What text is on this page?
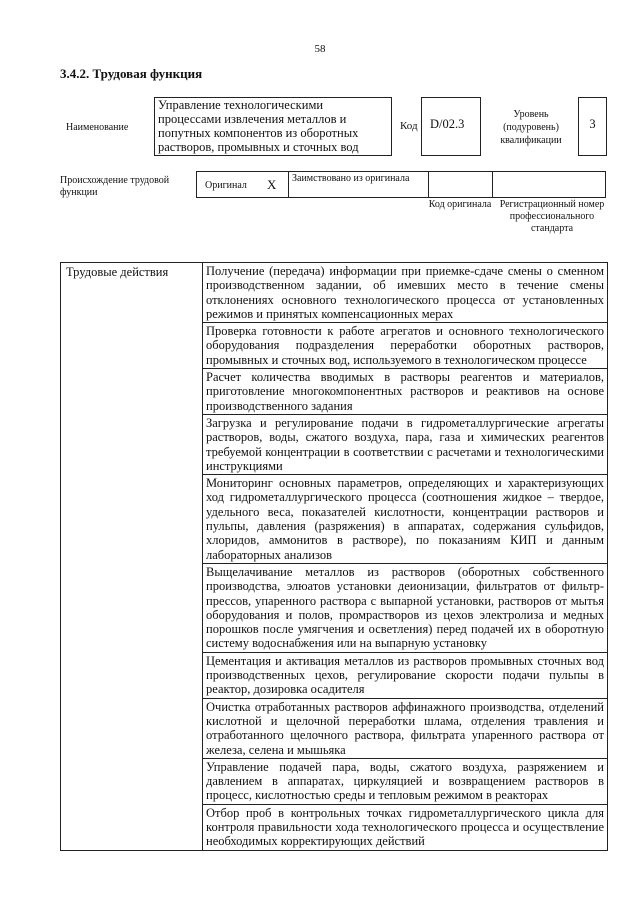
58
3.4.2. Трудовая функция
Наименование
Управление технологическими процессами извлечения металлов и попутных компонентов из оборотных растворов, промывных и сточных вод
Код D/02.3
Уровень (подуровень) квалификации
3
Происхождение трудовой функции
Оригинал X Заимствовано из оригинала
Код оригинала Регистрационный номер профессионального стандарта
Трудовые действия	Получение (передача) информации при приемке-сдаче смены о сменном производственном задании, об имевших место в течение смены отклонениях основного технологического процесса от установленных режимов и принятых компенсационных мерах
Проверка готовности к работе агрегатов и основного технологического оборудования подразделения переработки оборотных растворов, промывных и сточных вод, используемого в технологическом процессе
Расчет количества вводимых в растворы реагентов и материалов, приготовление многокомпонентных растворов и реактивов на основе производственного задания
Загрузка и регулирование подачи в гидрометаллургические агрегаты растворов, воды, сжатого воздуха, пара, газа и химических реагентов требуемой концентрации в соответствии с расчетами и технологическими инструкциями
Мониторинг основных параметров, определяющих и характеризующих ход гидрометаллургического процесса (соотношения жидкое – твердое, удельного веса, показателей кислотности, концентрации растворов и пульпы, давления (разряжения) в аппаратах, содержания сульфидов, хлоридов, аммонитов в растворе), по показаниям КИП и данным лабораторных анализов
Выщелачивание металлов из растворов (оборотных собственного производства, элюатов установки деионизации, фильтратов от фильтр-прессов, упаренного раствора с выпарной установки, растворов от мытья оборудования и полов, промрастворов из цехов электролиза и медных порошков после умягчения и осветления) перед подачей их в оборотную систему водоснабжения или на выпарную установку
Цементация и активация металлов из растворов промывных сточных вод производственных цехов, регулирование скорости подачи пульпы в реактор, дозировка осадителя
Очистка отработанных растворов аффинажного производства, отделений кислотной и щелочной переработки шлама, отделения травления и отработанного щелочного раствора, фильтрата упаренного раствора от железа, селена и мышьяка
Управление подачей пара, воды, сжатого воздуха, разряжением и давлением в аппаратах, циркуляцией и возвращением растворов в процесс, кислотностью среды и тепловым режимом в реакторах
Отбор проб в контрольных точках гидрометаллургического цикла для контроля правильности хода технологического процесса и осуществление необходимых корректирующих действий
